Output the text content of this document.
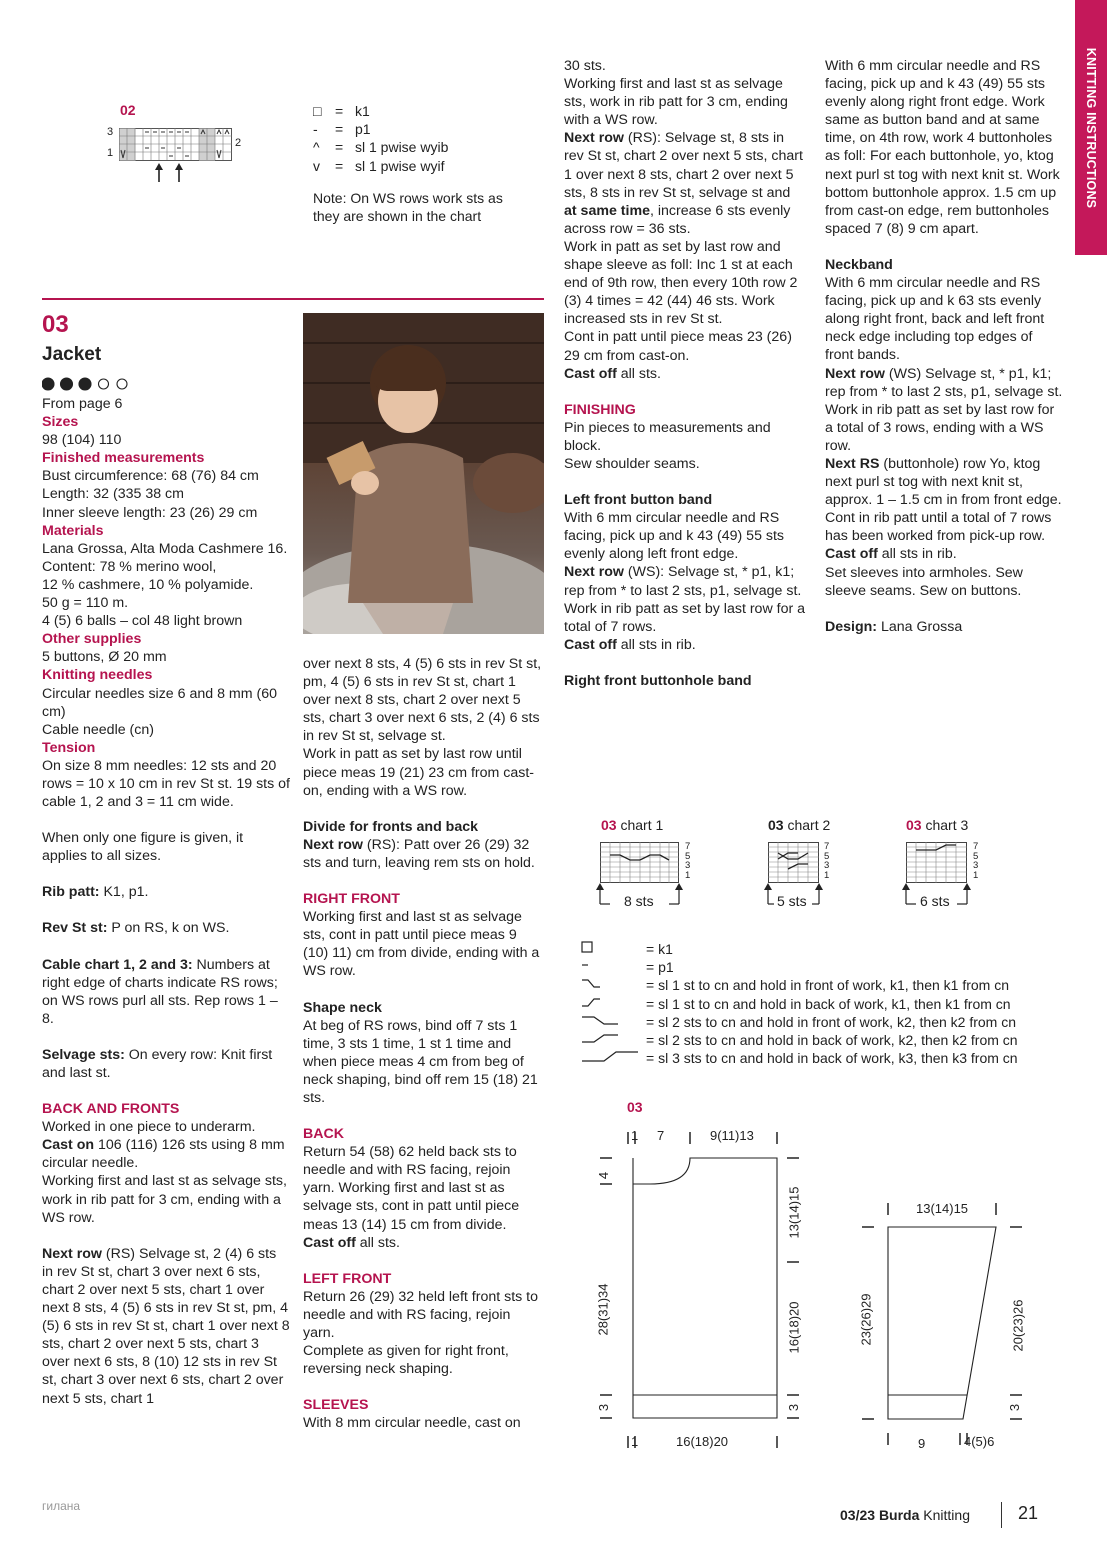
KNITTING INSTRUCTIONS
02
3
1
2
□ = k1
-	= p1
^	= sl 1 pwise wyib
v	= sl 1 pwise wyif

Note: On WS rows work sts as they are shown in the chart

03
Jacket

From page 6

Sizes

98 (104) 110

Finished measurements

Bust circumference: 68 (76) 84 cm

Length: 32 (335 38 cm

Inner sleeve length: 23 (26) 29 cm

Materials

Lana Grossa, Alta Moda Cashmere 16.

Content: 78 % merino wool,

12 % cashmere, 10 % polyamide.

50 g = 110 m.

4 (5) 6 balls – col 48 light brown

Other supplies

5 buttons, Ø 20 mm

Knitting needles

Circular needles size 6 and 8 mm (60 cm)

Cable needle (cn)

Tension

On size 8 mm needles: 12 sts and 20 rows = 10 x 10 cm in rev St st. 19 sts of cable 1, 2 and 3 = 11 cm wide.

When only one figure is given, it applies to all sizes.

Rib patt: K1, p1.

Rev St st: P on RS, k on WS.

Cable chart 1, 2 and 3: Numbers at right edge of charts indicate RS rows; on WS rows purl all sts. Rep rows 1 – 8.

Selvage sts: On every row: Knit first and last st.

BACK AND FRONTS

Worked in one piece to underarm.

Cast on 106 (116) 126 sts using 8 mm circular needle.

Working first and last st as selvage sts, work in rib patt for 3 cm, ending with a WS row.

Next row (RS) Selvage st, 2 (4) 6 sts in rev St st, chart 3 over next 6 sts, chart 2 over next 5 sts, chart 1 over next 8 sts, 4 (5) 6 sts in rev St st, pm, 4 (5) 6 sts in rev St st, chart 1 over next 8 sts, chart 2 over next 5 sts, chart 3 over next 6 sts, 8 (10) 12 sts in rev St st, chart 3 over next 6 sts, chart 2 over next 5 sts, chart 1

over next 8 sts, 4 (5) 6 sts in rev St st, pm, 4 (5) 6 sts in rev St st, chart 1 over next 8 sts, chart 2 over next 5 sts, chart 3 over next 6 sts, 2 (4) 6 sts in rev St st, selvage st.

Work in patt as set by last row until piece meas 19 (21) 23 cm from cast-on, ending with a WS row.

Divide for fronts and back

Next row (RS): Patt over 26 (29) 32 sts and turn, leaving rem sts on hold.

RIGHT FRONT

Working first and last st as selvage sts, cont in patt until piece meas 9 (10) 11) cm from divide, ending with a WS row.

Shape neck

At beg of RS rows, bind off 7 sts 1 time, 3 sts 1 time, 1 st 1 time and when piece meas 4 cm from beg of neck shaping, bind off rem 15 (18) 21 sts.

BACK

Return 54 (58) 62 held back sts to needle and with RS facing, rejoin yarn. Working first and last st as selvage sts, cont in patt until piece meas 13 (14) 15 cm from divide.

Cast off all sts.

LEFT FRONT

Return 26 (29) 32 held left front sts to needle and with RS facing, rejoin yarn.

Complete as given for right front, reversing neck shaping.

SLEEVES

With 8 mm circular needle, cast on

30 sts.

Working first and last st as selvage sts, work in rib patt for 3 cm, ending with a WS row.

Next row (RS): Selvage st, 8 sts in rev St st, chart 2 over next 5 sts, chart 1 over next 8 sts, chart 2 over next 5 sts, 8 sts in rev St st, selvage st and at same time, increase 6 sts evenly across row = 36 sts.

Work in patt as set by last row and shape sleeve as foll: Inc 1 st at each end of 9th row, then every 10th row 2 (3) 4 times = 42 (44) 46 sts. Work increased sts in rev St st.

Cont in patt until piece meas 23 (26) 29 cm from cast-on.

Cast off all sts.

FINISHING

Pin pieces to measurements and block.

Sew shoulder seams.

Left front button band

With 6 mm circular needle and RS facing, pick up and k 43 (49) 55 sts evenly along left front edge.

Next row (WS): Selvage st, * p1, k1; rep from * to last 2 sts, p1, selvage st.

Work in rib patt as set by last row for a total of 7 rows.

Cast off all sts in rib.

Right front buttonhole band

With 6 mm circular needle and RS facing, pick up and k 43 (49) 55 sts evenly along right front edge. Work same as button band and at same time, on 4th row, work 4 buttonholes as foll: For each buttonhole, yo, ktog next purl st tog with next knit st. Work bottom buttonhole approx. 1.5 cm up from cast-on edge, rem buttonholes spaced 7 (8) 9 cm apart.

Neckband

With 6 mm circular needle and RS facing, pick up and k 63 sts evenly along right front, back and left front neck edge including top edges of front bands.

Next row (WS) Selvage st, * p1, k1; rep from * to last 2 sts, p1, selvage st.

Work in rib patt as set by last row for a total of 3 rows, ending with a WS row.

Next RS (buttonhole) row Yo, ktog next purl st tog with next knit st, approx. 1 – 1.5 cm in from front edge. Cont in rib patt until a total of 7 rows has been worked from pick-up row.

Cast off all sts in rib.

Set sleeves into armholes. Sew sleeve seams. Sew on buttons.

Design: Lana Grossa

03 chart 1	03 chart 2	03 chart 3
7
5
3
1
8 sts
7
5
3
1
5 sts
7
5
3
1
6 sts
= k1
= p1
= sl 1 st to cn and hold in front of work, k1, then k1 from cn
= sl 1 st to cn and hold in back of work, k1, then k1 from cn
= sl 2 sts to cn and hold in front of work, k2, then k2 from cn
= sl 2 sts to cn and hold in back of work, k2, then k2 from cn
= sl 3 sts to cn and hold in back of work, k3, then k3 from cn
03
1 7	9(11)13
4
28(31)34
3
13(14)15
16(18)20
3
1	16(18)20
13(14)15
23(26)29	20(23)26
3
9	4(5)6
гилана
03/23 Burda Knitting	21
